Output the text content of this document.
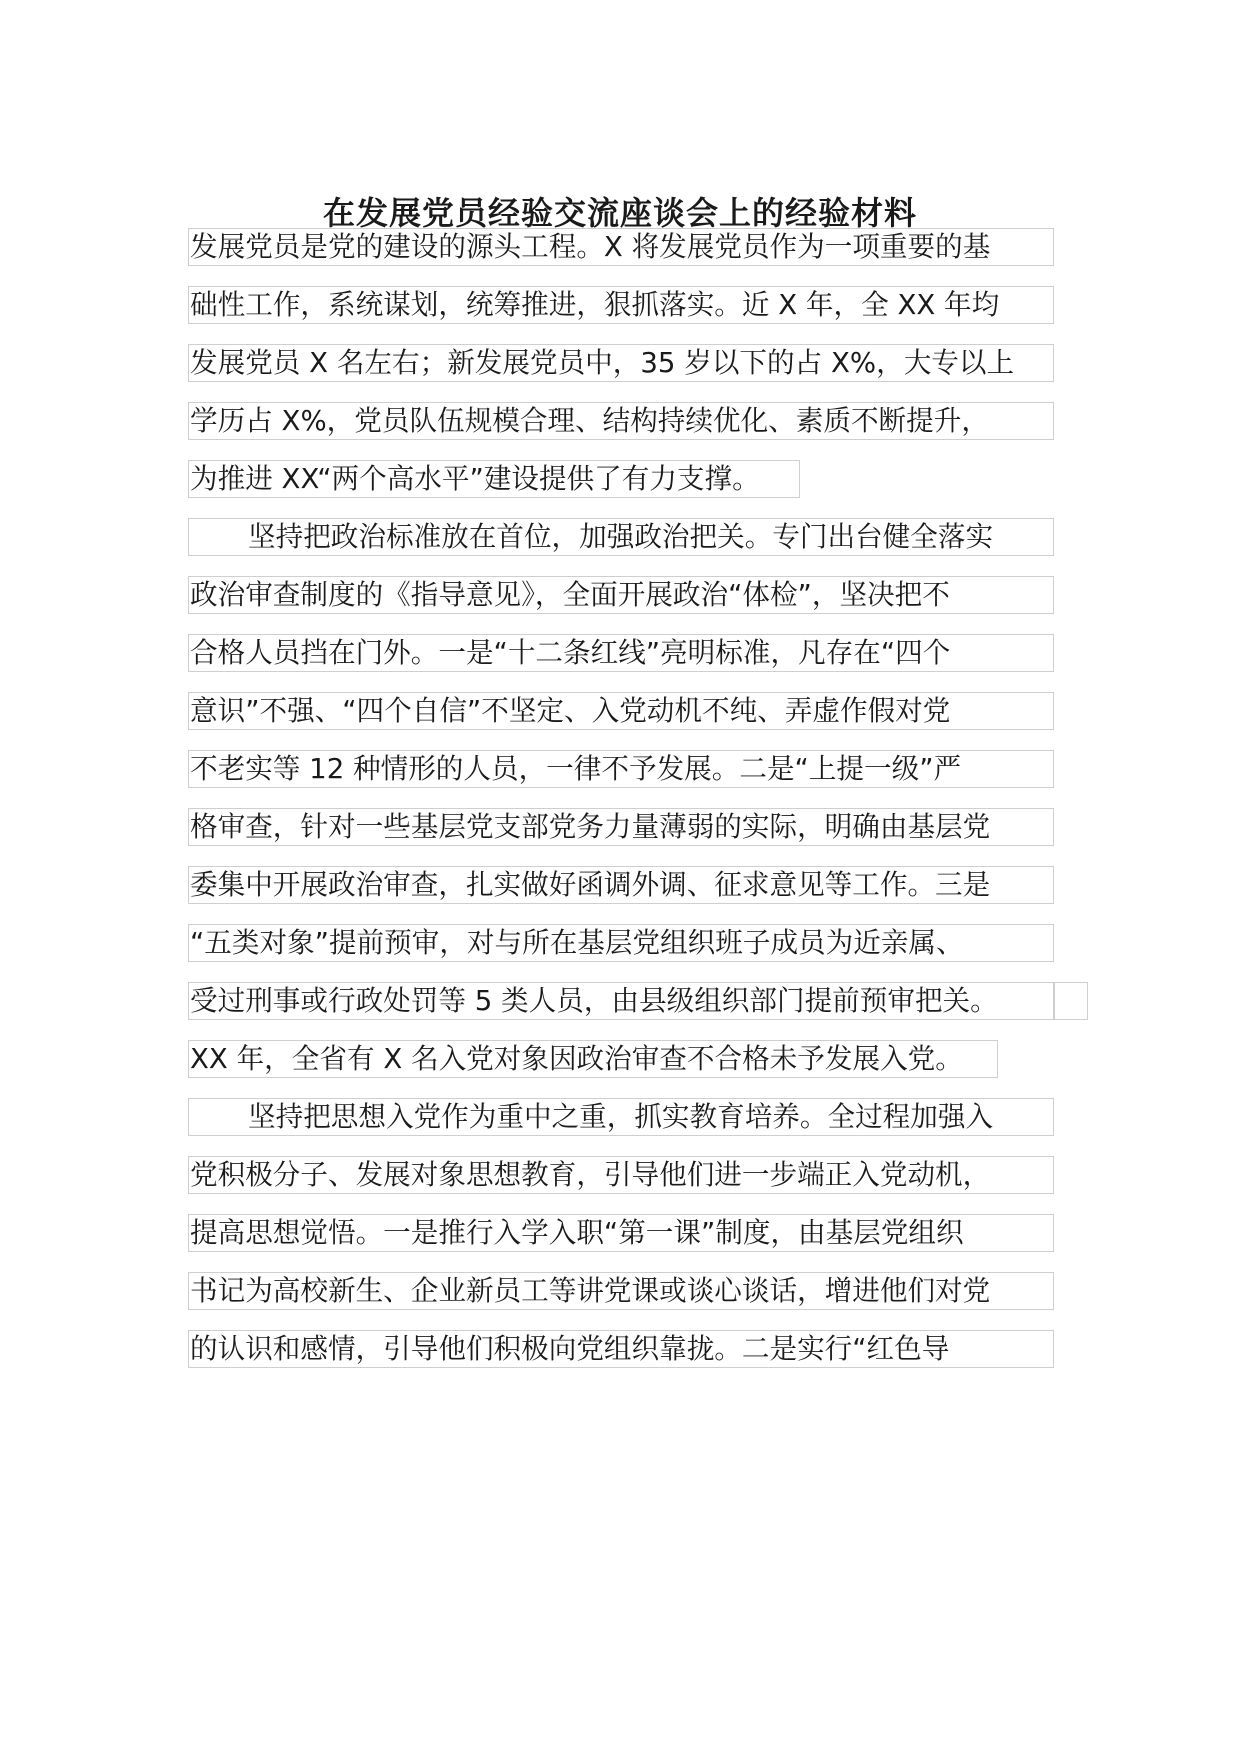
在发展党员经验交流座谈会上的经验材料
发展党员是党的建设的源头工程。X 将发展党员作为一项重要的基
础性工作，系统谋划，统筹推进，狠抓落实。近 X 年，全 XX 年均
发展党员 X 名左右；新发展党员中，35 岁以下的占 X%，大专以上
学历占 X%，党员队伍规模合理、结构持续优化、素质不断提升，
为推进 XX“两个高水平”建设提供了有力支撑。
坚持把政治标准放在首位，加强政治把关。专门出台健全落实
政治审查制度的《指导意见》，全面开展政治“体检”，坚决把不
合格人员挡在门外。一是“十二条红线”亮明标准，凡存在“四个
意识”不强、“四个自信”不坚定、入党动机不纯、弄虚作假对党
不老实等 12 种情形的人员，一律不予发展。二是“上提一级”严
格审查，针对一些基层党支部党务力量薄弱的实际，明确由基层党
委集中开展政治审查，扎实做好函调外调、征求意见等工作。三是
“五类对象”提前预审，对与所在基层党组织班子成员为近亲属、
受过刑事或行政处罚等 5 类人员，由县级组织部门提前预审把关。
XX 年，全省有 X 名入党对象因政治审查不合格未予发展入党。
坚持把思想入党作为重中之重，抓实教育培养。全过程加强入
党积极分子、发展对象思想教育，引导他们进一步端正入党动机，
提高思想觉悟。一是推行入学入职“第一课”制度，由基层党组织
书记为高校新生、企业新员工等讲党课或谈心谈话，增进他们对党
的认识和感情，引导他们积极向党组织靠拢。二是实行“红色导
